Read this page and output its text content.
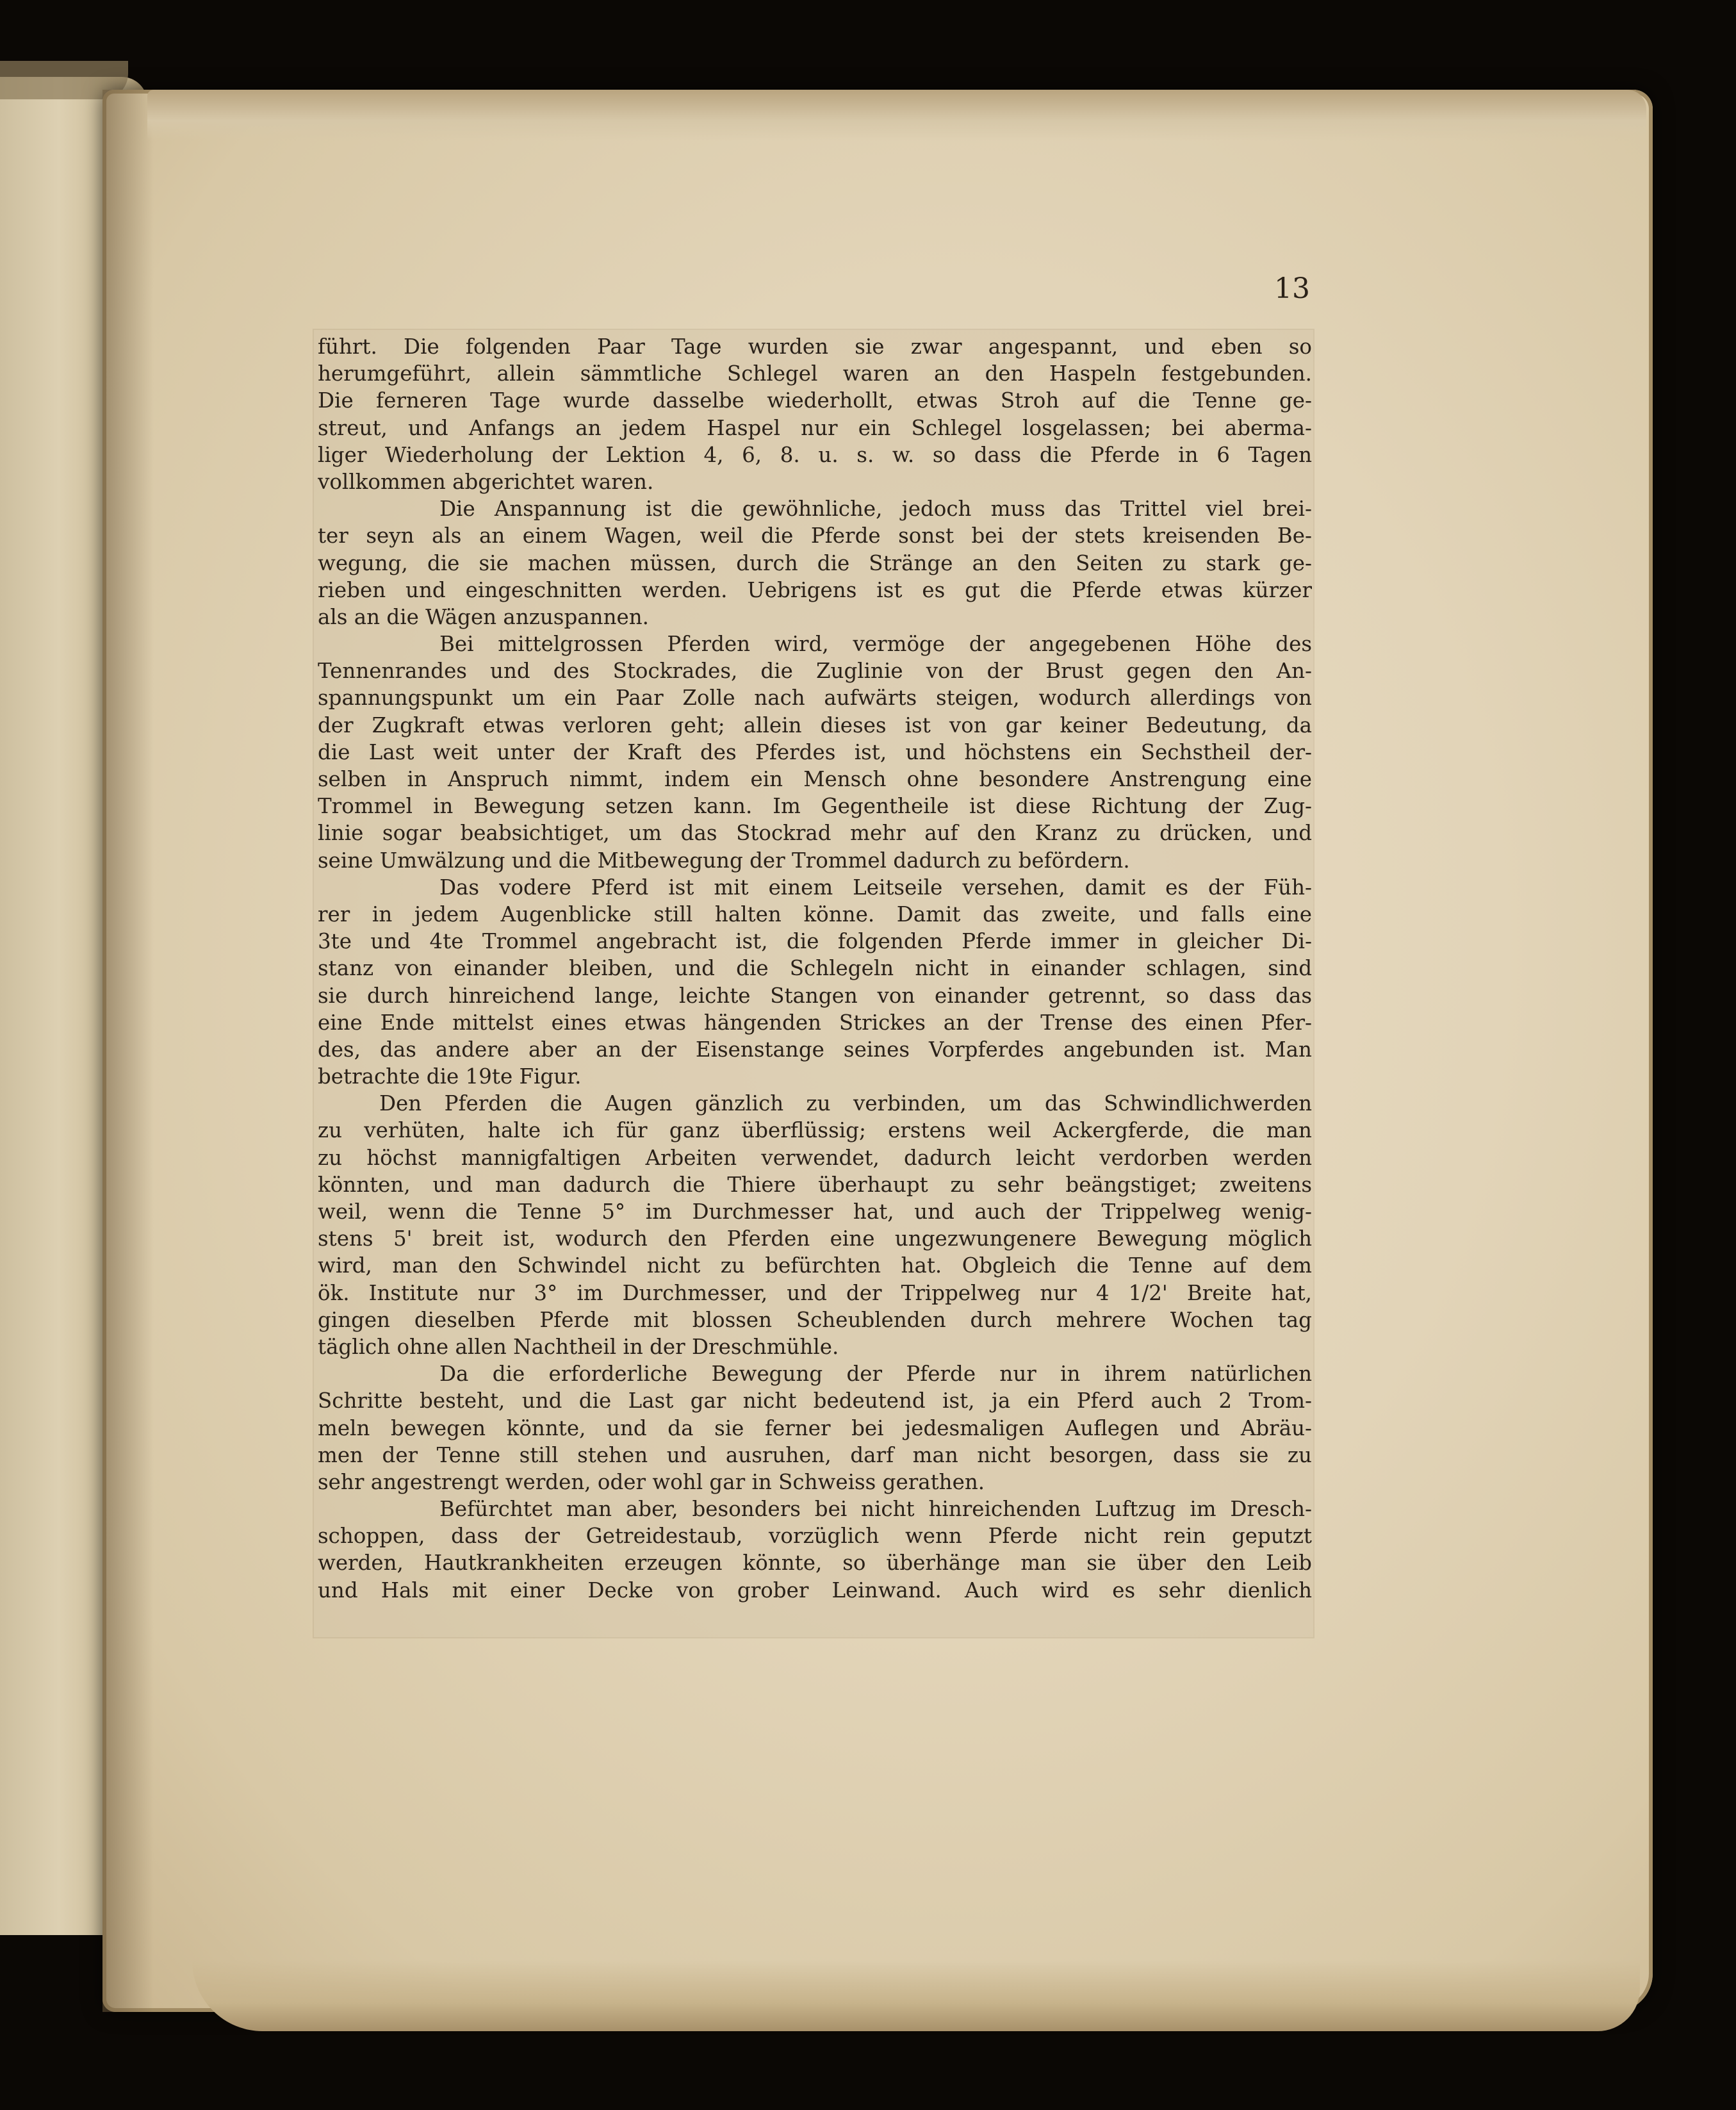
13
führt. Die folgenden Paar Tage wurden sie zwar angespannt, und eben so
herumgeführt, allein sämmtliche Schlegel waren an den Haspeln festgebunden.
Die ferneren Tage wurde dasselbe wiederhollt, etwas Stroh auf die Tenne ge-
streut, und Anfangs an jedem Haspel nur ein Schlegel losgelassen; bei aberma-
liger Wiederholung der Lektion 4, 6, 8. u. s. w. so dass die Pferde in 6 Tagen
vollkommen abgerichtet waren.
Die Anspannung ist die gewöhnliche, jedoch muss das Trittel viel brei-
ter seyn als an einem Wagen, weil die Pferde sonst bei der stets kreisenden Be-
wegung, die sie machen müssen, durch die Stränge an den Seiten zu stark ge-
rieben und eingeschnitten werden. Uebrigens ist es gut die Pferde etwas kürzer
als an die Wägen anzuspannen.
Bei mittelgrossen Pferden wird, vermöge der angegebenen Höhe des
Tennenrandes und des Stockrades, die Zuglinie von der Brust gegen den An-
spannungspunkt um ein Paar Zolle nach aufwärts steigen, wodurch allerdings von
der Zugkraft etwas verloren geht; allein dieses ist von gar keiner Bedeutung, da
die Last weit unter der Kraft des Pferdes ist, und höchstens ein Sechstheil der-
selben in Anspruch nimmt, indem ein Mensch ohne besondere Anstrengung eine
Trommel in Bewegung setzen kann. Im Gegentheile ist diese Richtung der Zug-
linie sogar beabsichtiget, um das Stockrad mehr auf den Kranz zu drücken, und
seine Umwälzung und die Mitbewegung der Trommel dadurch zu befördern.
Das vodere Pferd ist mit einem Leitseile versehen, damit es der Füh-
rer in jedem Augenblicke still halten könne. Damit das zweite, und falls eine
3te und 4te Trommel angebracht ist, die folgenden Pferde immer in gleicher Di-
stanz von einander bleiben, und die Schlegeln nicht in einander schlagen, sind
sie durch hinreichend lange, leichte Stangen von einander getrennt, so dass das
eine Ende mittelst eines etwas hängenden Strickes an der Trense des einen Pfer-
des, das andere aber an der Eisenstange seines Vorpferdes angebunden ist. Man
betrachte die 19te Figur.
Den Pferden die Augen gänzlich zu verbinden, um das Schwindlichwerden
zu verhüten, halte ich für ganz überflüssig; erstens weil Ackergferde, die man
zu höchst mannigfaltigen Arbeiten verwendet, dadurch leicht verdorben werden
könnten, und man dadurch die Thiere überhaupt zu sehr beängstiget; zweitens
weil, wenn die Tenne 5° im Durchmesser hat, und auch der Trippelweg wenig-
stens 5' breit ist, wodurch den Pferden eine ungezwungenere Bewegung möglich
wird, man den Schwindel nicht zu befürchten hat. Obgleich die Tenne auf dem
ök. Institute nur 3° im Durchmesser, und der Trippelweg nur 4 1/2' Breite hat,
gingen dieselben Pferde mit blossen Scheublenden durch mehrere Wochen tag
täglich ohne allen Nachtheil in der Dreschmühle.
Da die erforderliche Bewegung der Pferde nur in ihrem natürlichen
Schritte besteht, und die Last gar nicht bedeutend ist, ja ein Pferd auch 2 Trom-
meln bewegen könnte, und da sie ferner bei jedesmaligen Auflegen und Abräu-
men der Tenne still stehen und ausruhen, darf man nicht besorgen, dass sie zu
sehr angestrengt werden, oder wohl gar in Schweiss gerathen.
Befürchtet man aber, besonders bei nicht hinreichenden Luftzug im Dresch-
schoppen, dass der Getreidestaub, vorzüglich wenn Pferde nicht rein geputzt
werden, Hautkrankheiten erzeugen könnte, so überhänge man sie über den Leib
und Hals mit einer Decke von grober Leinwand. Auch wird es sehr dienlich
